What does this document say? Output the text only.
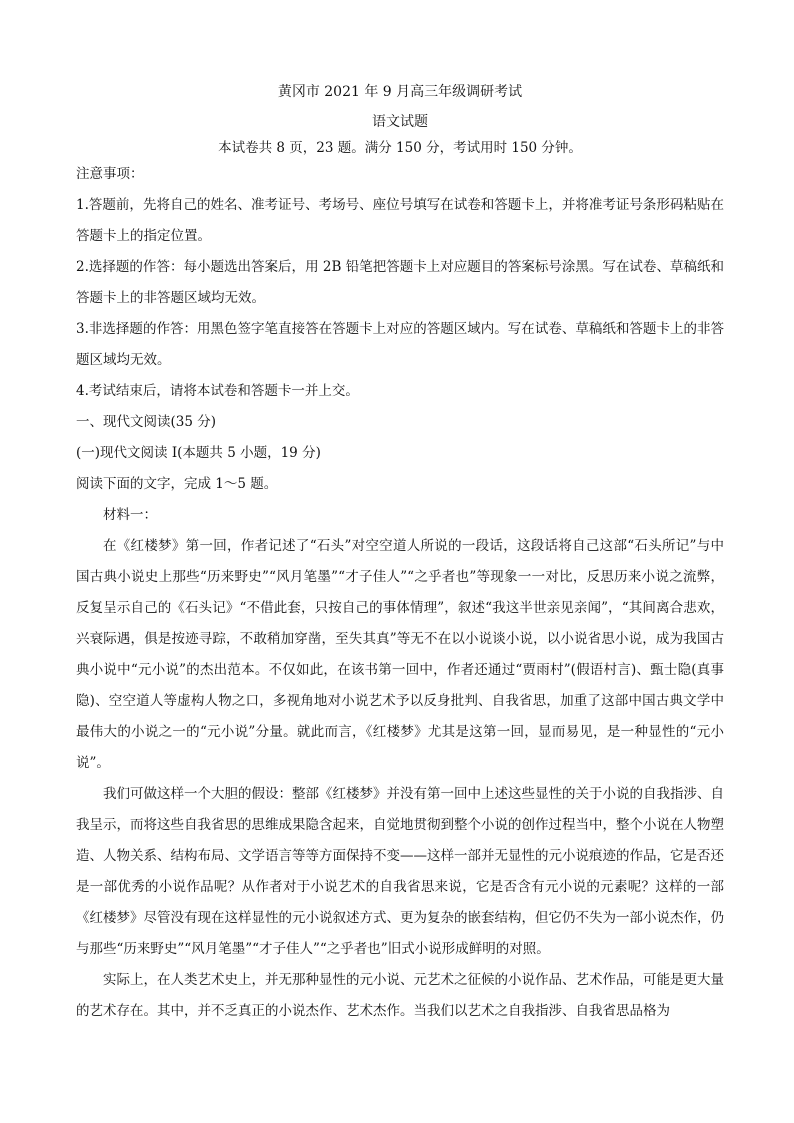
黄冈市 2021 年 9 月高三年级调研考试

语文试题

本试卷共 8 页，23 题。满分 150 分，考试用时 150 分钟。

注意事项：

1.答题前，先将自己的姓名、准考证号、考场号、座位号填写在试卷和答题卡上，并将准考证号条形码粘贴在答题卡上的指定位置。

2.选择题的作答：每小题选出答案后，用 2B 铅笔把答题卡上对应题目的答案标号涂黑。写在试卷、草稿纸和答题卡上的非答题区域均无效。

3.非选择题的作答：用黑色签字笔直接答在答题卡上对应的答题区域内。写在试卷、草稿纸和答题卡上的非答题区域均无效。

4.考试结束后，请将本试卷和答题卡一并上交。

一、现代文阅读(35 分)

(一)现代文阅读 I(本题共 5 小题，19 分)

阅读下面的文字，完成 1～5 题。

材料一：

在《红楼梦》第一回，作者记述了“石头”对空空道人所说的一段话，这段话将自己这部“石头所记”与中国古典小说史上那些“历来野史”“风月笔墨”“才子佳人”“之乎者也”等现象一一对比，反思历来小说之流弊，反复呈示自己的《石头记》“不借此套，只按自己的事体情理”，叙述“我这半世亲见亲闻”，“其间离合悲欢，兴衰际遇，俱是按迹寻踪，不敢稍加穿凿，至失其真”等无不在以小说谈小说，以小说省思小说，成为我国古典小说中“元小说”的杰出范本。不仅如此，在该书第一回中，作者还通过“贾雨村”(假语村言)、甄士隐(真事隐)、空空道人等虚构人物之口，多视角地对小说艺术予以反身批判、自我省思，加重了这部中国古典文学中最伟大的小说之一的“元小说”分量。就此而言，《红楼梦》尤其是这第一回，显而易见，是一种显性的“元小说”。

我们可做这样一个大胆的假设：整部《红楼梦》并没有第一回中上述这些显性的关于小说的自我指涉、自我呈示，而将这些自我省思的思维成果隐含起来，自觉地贯彻到整个小说的创作过程当中，整个小说在人物塑造、人物关系、结构布局、文学语言等等方面保持不变——这样一部并无显性的元小说痕迹的作品，它是否还是一部优秀的小说作品呢？从作者对于小说艺术的自我省思来说，它是否含有元小说的元素呢？这样的一部《红楼梦》尽管没有现在这样显性的元小说叙述方式、更为复杂的嵌套结构，但它仍不失为一部小说杰作，仍与那些“历来野史”“风月笔墨”“才子佳人”“之乎者也”旧式小说形成鲜明的对照。

实际上，在人类艺术史上，并无那种显性的元小说、元艺术之征候的小说作品、艺术作品，可能是更大量的艺术存在。其中，并不乏真正的小说杰作、艺术杰作。当我们以艺术之自我指涉、自我省思品格为
